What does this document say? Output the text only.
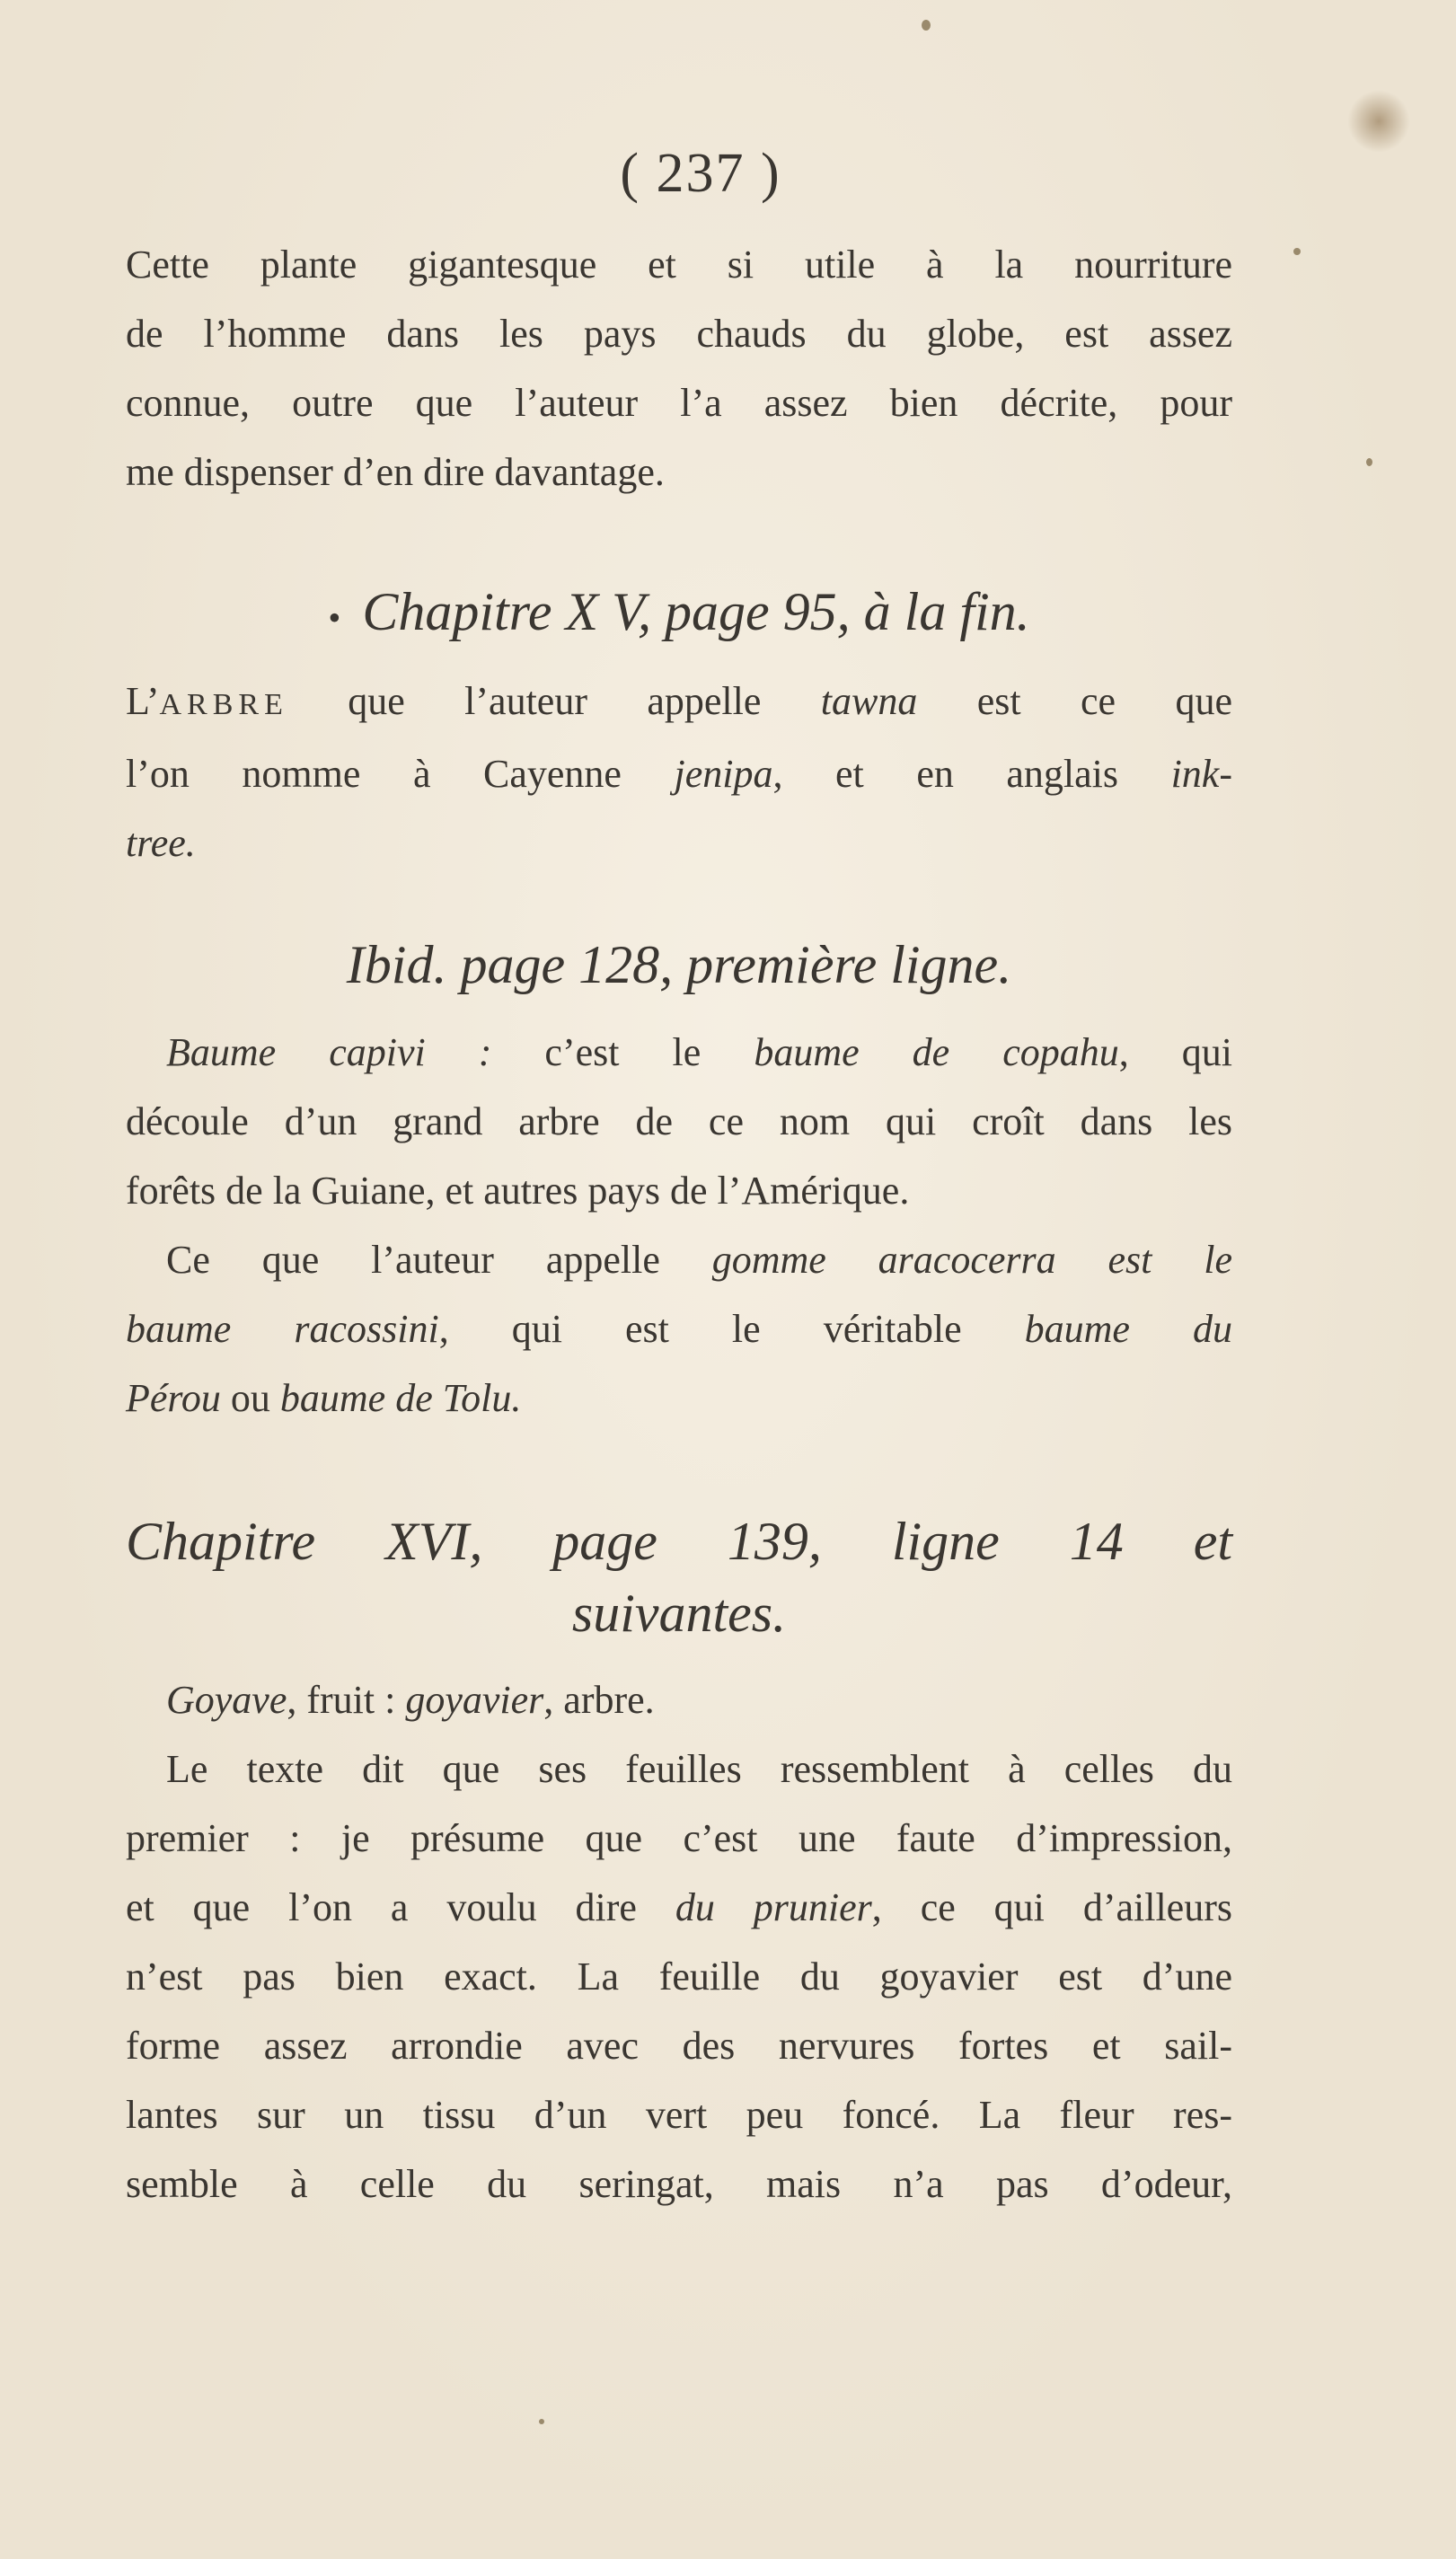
( 237 )
Cette plante gigantesque et si utile à la nourriture
de l’homme dans les pays chauds du globe, est assez
connue, outre que l’auteur l’a assez bien décrite, pour
me dispenser d’en dire davantage.
• Chapitre X V, page 95, à la fin.
L’ARBRE que l’auteur appelle tawna est ce que
l’on nomme à Cayenne jenipa, et en anglais ink-
tree.
Ibid. page 128, première ligne.
Baume capivi : c’est le baume de copahu, qui
découle d’un grand arbre de ce nom qui croît dans les
forêts de la Guiane, et autres pays de l’Amérique.
Ce que l’auteur appelle gomme aracocerra est le
baume racossini, qui est le véritable baume du
Pérou ou baume de Tolu.
Chapitre XVI, page 139, ligne 14 et
suivantes.
Goyave, fruit : goyavier, arbre.
Le texte dit que ses feuilles ressemblent à celles du
premier : je présume que c’est une faute d’impression,
et que l’on a voulu dire du prunier, ce qui d’ailleurs
n’est pas bien exact. La feuille du goyavier est d’une
forme assez arrondie avec des nervures fortes et sail-
lantes sur un tissu d’un vert peu foncé. La fleur res-
semble à celle du seringat, mais n’a pas d’odeur,
